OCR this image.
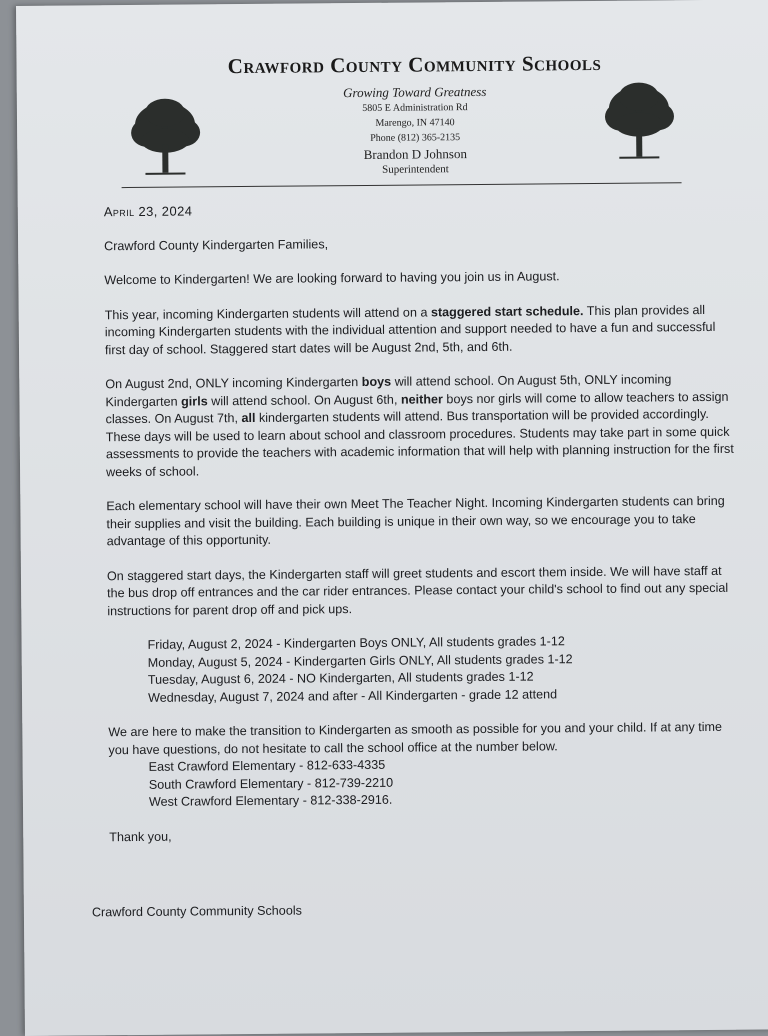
Crawford County Community Schools
Growing Toward Greatness
5805 E Administration Rd
Marengo, IN 47140
Phone (812) 365-2135
Brandon D Johnson
Superintendent

April 23, 2024

Crawford County Kindergarten Families,

Welcome to Kindergarten! We are looking forward to having you join us in August.

This year, incoming Kindergarten students will attend on a staggered start schedule. This plan provides all incoming Kindergarten students with the individual attention and support needed to have a fun and successful first day of school. Staggered start dates will be August 2nd, 5th, and 6th.

On August 2nd, ONLY incoming Kindergarten boys will attend school. On August 5th, ONLY incoming Kindergarten girls will attend school. On August 6th, neither boys nor girls will come to allow teachers to assign classes. On August 7th, all kindergarten students will attend. Bus transportation will be provided accordingly. These days will be used to learn about school and classroom procedures. Students may take part in some quick assessments to provide the teachers with academic information that will help with planning instruction for the first weeks of school.

Each elementary school will have their own Meet The Teacher Night. Incoming Kindergarten students can bring their supplies and visit the building. Each building is unique in their own way, so we encourage you to take advantage of this opportunity.

On staggered start days, the Kindergarten staff will greet students and escort them inside. We will have staff at the bus drop off entrances and the car rider entrances. Please contact your child's school to find out any special instructions for parent drop off and pick ups.

Friday, August 2, 2024 - Kindergarten Boys ONLY, All students grades 1-12

Monday, August 5, 2024 - Kindergarten Girls ONLY, All students grades 1-12

Tuesday, August 6, 2024 - NO Kindergarten, All students grades 1-12

Wednesday, August 7, 2024 and after - All Kindergarten - grade 12 attend

We are here to make the transition to Kindergarten as smooth as possible for you and your child. If at any time you have questions, do not hesitate to call the school office at the number below.

East Crawford Elementary - 812-633-4335

South Crawford Elementary - 812-739-2210

West Crawford Elementary - 812-338-2916.

Thank you,

Crawford County Community Schools
